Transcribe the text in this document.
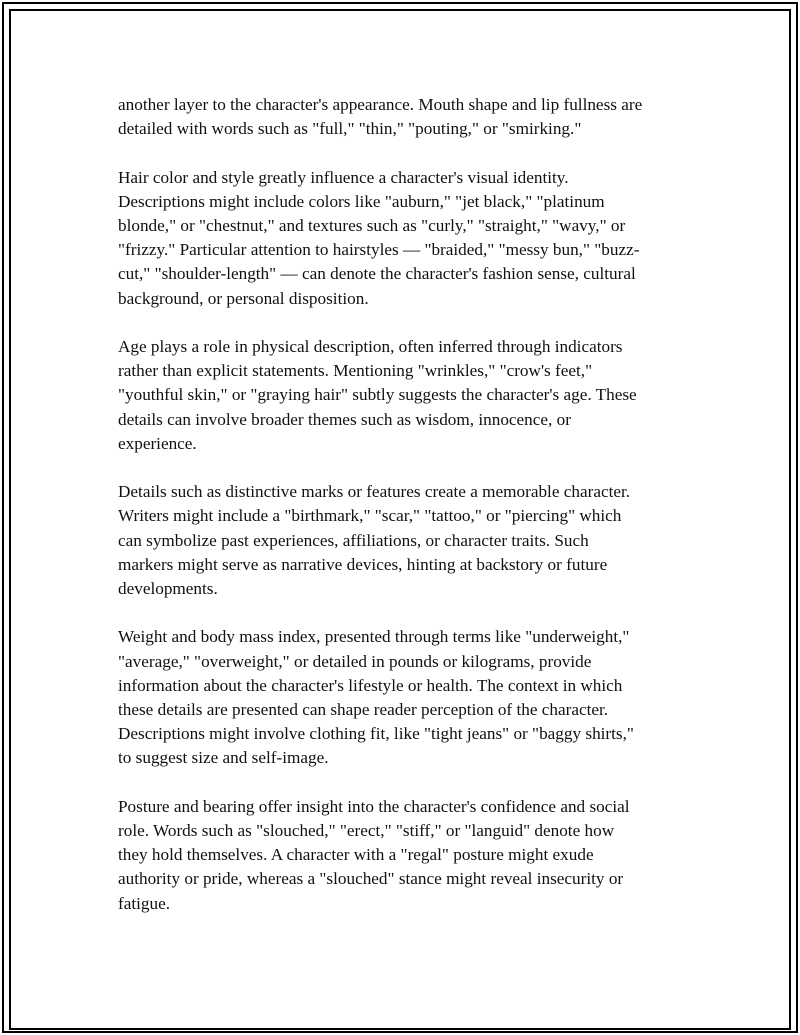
another layer to the character's appearance. Mouth shape and lip fullness are
detailed with words such as "full," "thin," "pouting," or "smirking."

Hair color and style greatly influence a character's visual identity.
Descriptions might include colors like "auburn," "jet black," "platinum
blonde," or "chestnut," and textures such as "curly," "straight," "wavy," or
"frizzy." Particular attention to hairstyles — "braided," "messy bun," "buzz-
cut," "shoulder-length" — can denote the character's fashion sense, cultural
background, or personal disposition.

Age plays a role in physical description, often inferred through indicators
rather than explicit statements. Mentioning "wrinkles," "crow's feet,"
"youthful skin," or "graying hair" subtly suggests the character's age. These
details can involve broader themes such as wisdom, innocence, or
experience.

Details such as distinctive marks or features create a memorable character.
Writers might include a "birthmark," "scar," "tattoo," or "piercing" which
can symbolize past experiences, affiliations, or character traits. Such
markers might serve as narrative devices, hinting at backstory or future
developments.

Weight and body mass index, presented through terms like "underweight,"
"average," "overweight," or detailed in pounds or kilograms, provide
information about the character's lifestyle or health. The context in which
these details are presented can shape reader perception of the character.
Descriptions might involve clothing fit, like "tight jeans" or "baggy shirts,"
to suggest size and self-image.

Posture and bearing offer insight into the character's confidence and social
role. Words such as "slouched," "erect," "stiff," or "languid" denote how
they hold themselves. A character with a "regal" posture might exude
authority or pride, whereas a "slouched" stance might reveal insecurity or
fatigue.
